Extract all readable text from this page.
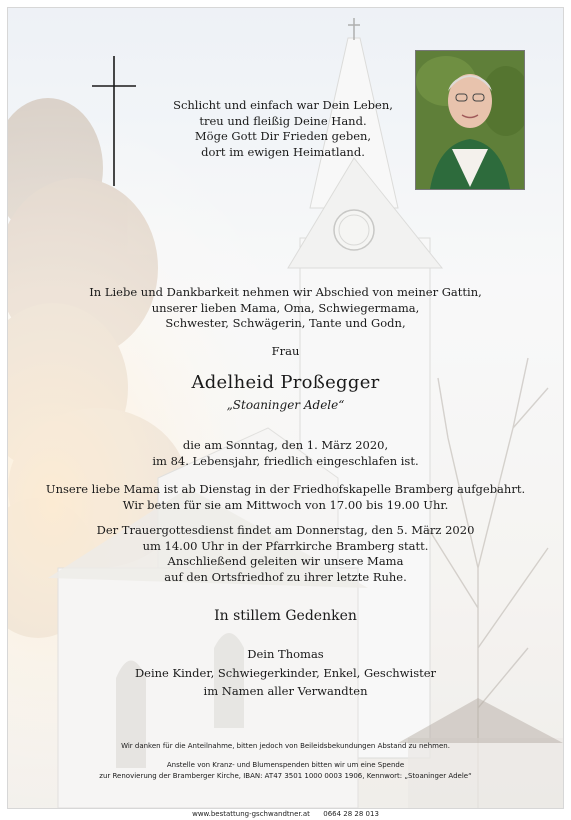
Schlicht und einfach war Dein Leben,
treu und fleißig Deine Hand.
Möge Gott Dir Frieden geben,
dort im ewigen Heimatland.
In Liebe und Dankbarkeit nehmen wir Abschied von meiner Gattin,
unserer lieben Mama, Oma, Schwiegermama,
Schwester, Schwägerin, Tante und Godn,
Frau
Adelheid Proßegger
„Stoaninger Adele“
die am Sonntag, den 1. März 2020,
im 84. Lebensjahr, friedlich eingeschlafen ist.
Unsere liebe Mama ist ab Dienstag in der Friedhofskapelle Bramberg aufgebahrt.
Wir beten für sie am Mittwoch von 17.00 bis 19.00 Uhr.
Der Trauergottesdienst findet am Donnerstag, den 5. März 2020
um 14.00 Uhr in der Pfarrkirche Bramberg statt.
Anschließend geleiten wir unsere Mama
auf den Ortsfriedhof zu ihrer letzte Ruhe.
In stillem Gedenken
Dein Thomas
Deine Kinder, Schwiegerkinder, Enkel, Geschwister
im Namen aller Verwandten
Wir danken für die Anteilnahme, bitten jedoch von Beileidsbekundungen Abstand zu nehmen.
Anstelle von Kranz- und Blumenspenden bitten wir um eine Spende
zur Renovierung der Bramberger Kirche, IBAN: AT47 3501 1000 0003 1906, Kennwort: „Stoaninger Adele“
www.bestattung-gschwandtner.at 0664 28 28 013
